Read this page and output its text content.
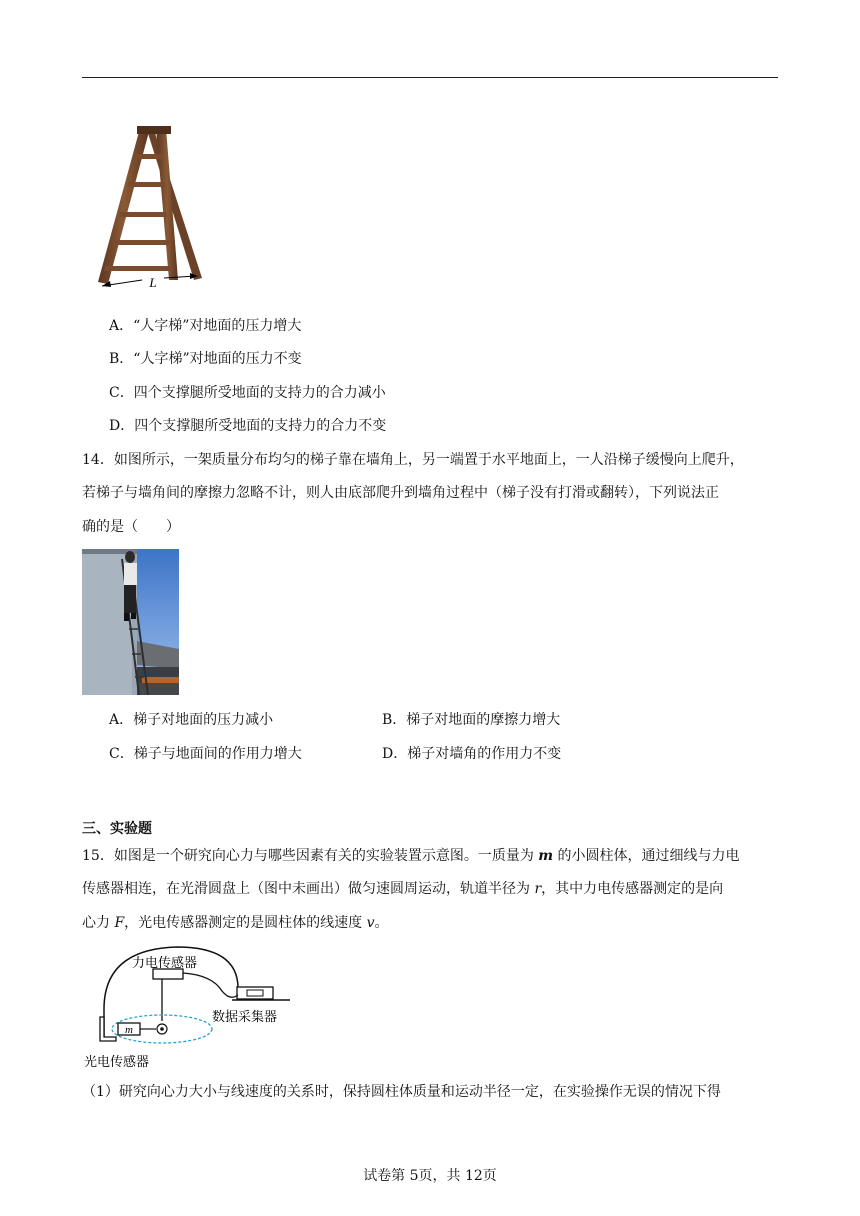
L
A．“人字梯”对地面的压力增大
B．“人字梯”对地面的压力不变
C．四个支撑腿所受地面的支持力的合力减小
D．四个支撑腿所受地面的支持力的合力不变
14．如图所示，一架质量分布均匀的梯子靠在墙角上，另一端置于水平地面上，一人沿梯子缓慢向上爬升，
若梯子与墙角间的摩擦力忽略不计，则人由底部爬升到墙角过程中（梯子没有打滑或翻转），下列说法正
确的是（　　）
A．梯子对地面的压力减小	B．梯子对地面的摩擦力增大
C．梯子与地面间的作用力增大	D．梯子对墙角的作用力不变
三、实验题
15．如图是一个研究向心力与哪些因素有关的实验装置示意图。一质量为 m 的小圆柱体，通过细线与力电
传感器相连，在光滑圆盘上（图中未画出）做匀速圆周运动，轨道半径为 r，其中力电传感器测定的是向
心力 F，光电传感器测定的是圆柱体的线速度 v。
m
力电传感器
数据采集器
光电传感器
（1）研究向心力大小与线速度的关系时，保持圆柱体质量和运动半径一定，在实验操作无误的情况下得
试卷第 5页，共 12页
